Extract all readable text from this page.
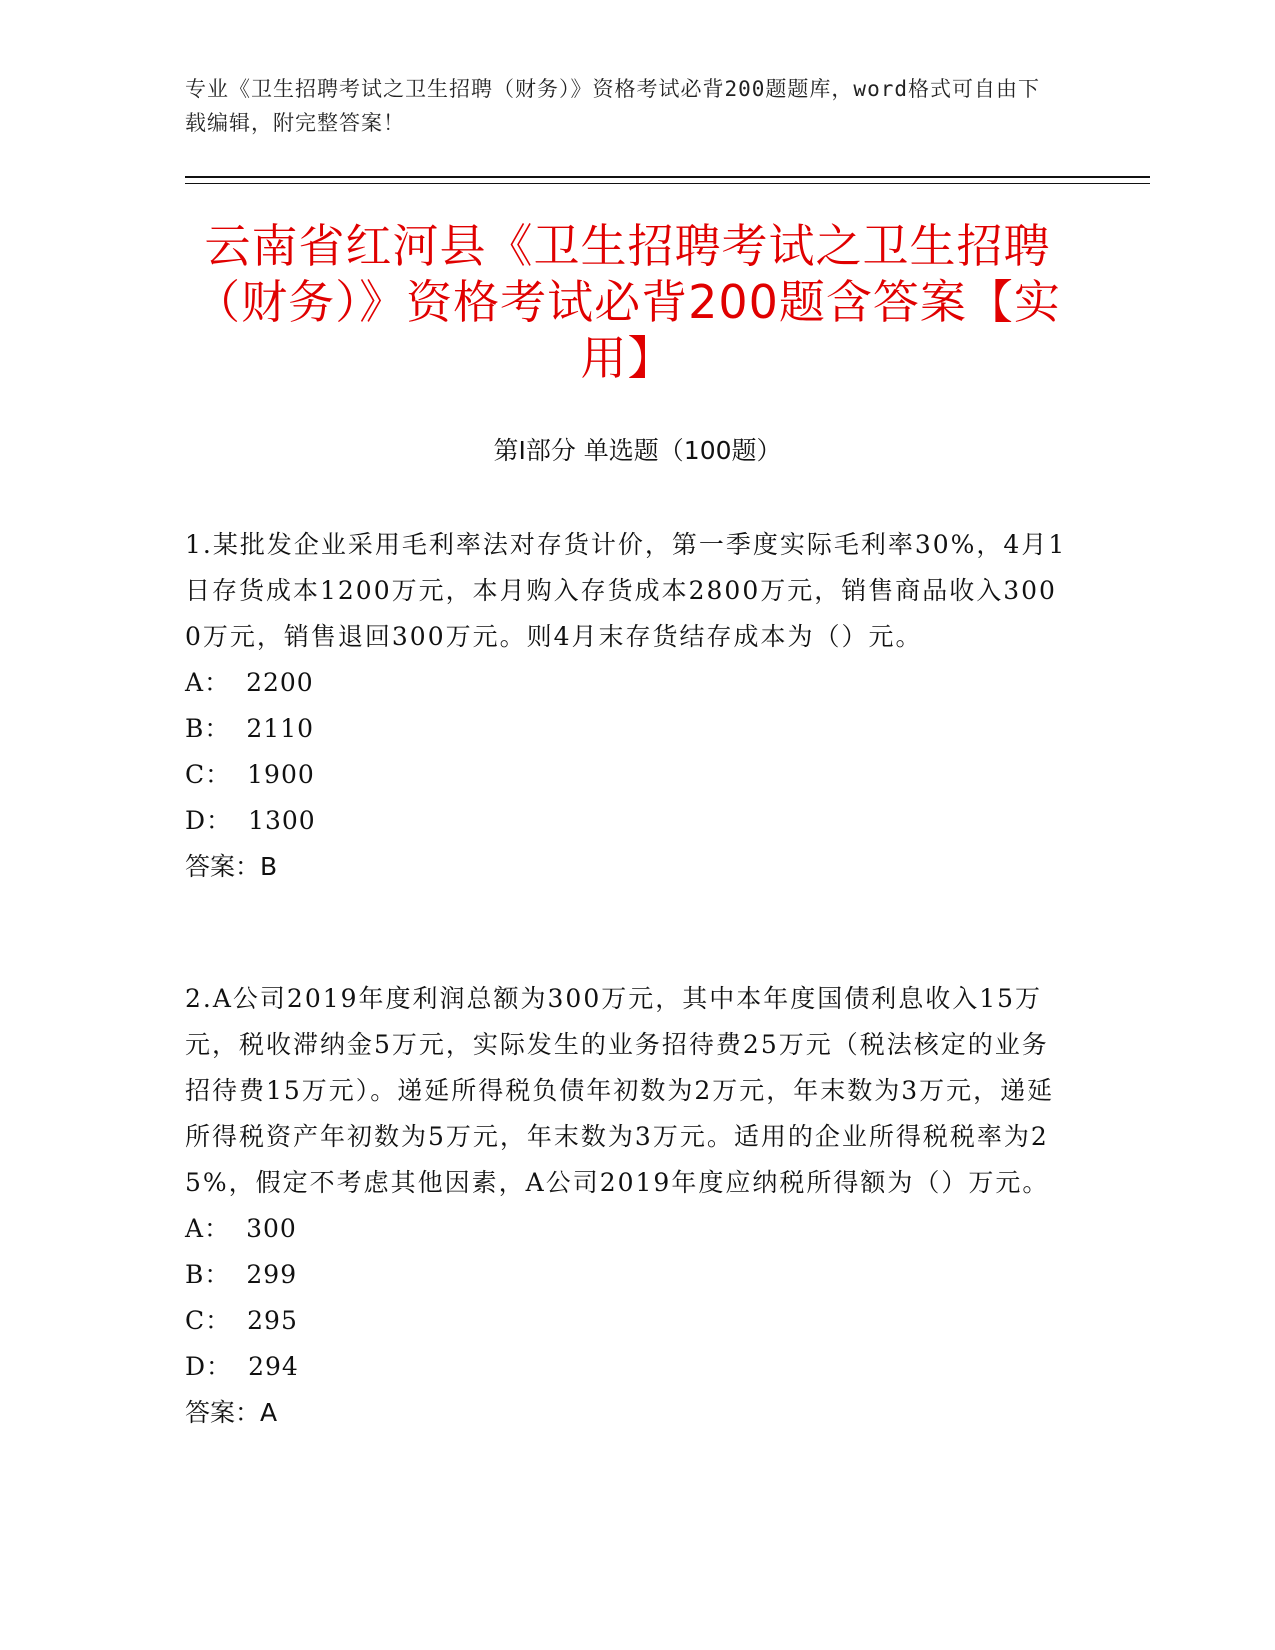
专业《卫生招聘考试之卫生招聘（财务）》资格考试必背200题题库，word格式可自由下载编辑，附完整答案！
云南省红河县《卫生招聘考试之卫生招聘（财务）》资格考试必背200题含答案【实用】
第I部分 单选题（100题）
1.某批发企业采用毛利率法对存货计价，第一季度实际毛利率30%，4月1日存货成本1200万元，本月购入存货成本2800万元，销售商品收入3000万元，销售退回300万元。则4月末存货结存成本为（）元。
A： 2200
B： 2110
C： 1900
D： 1300
答案：B
2.A公司2019年度利润总额为300万元，其中本年度国债利息收入15万元，税收滞纳金5万元，实际发生的业务招待费25万元（税法核定的业务招待费15万元）。递延所得税负债年初数为2万元，年末数为3万元，递延所得税资产年初数为5万元，年末数为3万元。适用的企业所得税税率为25%，假定不考虑其他因素，A公司2019年度应纳税所得额为（）万元。
A： 300
B： 299
C： 295
D： 294
答案：A
